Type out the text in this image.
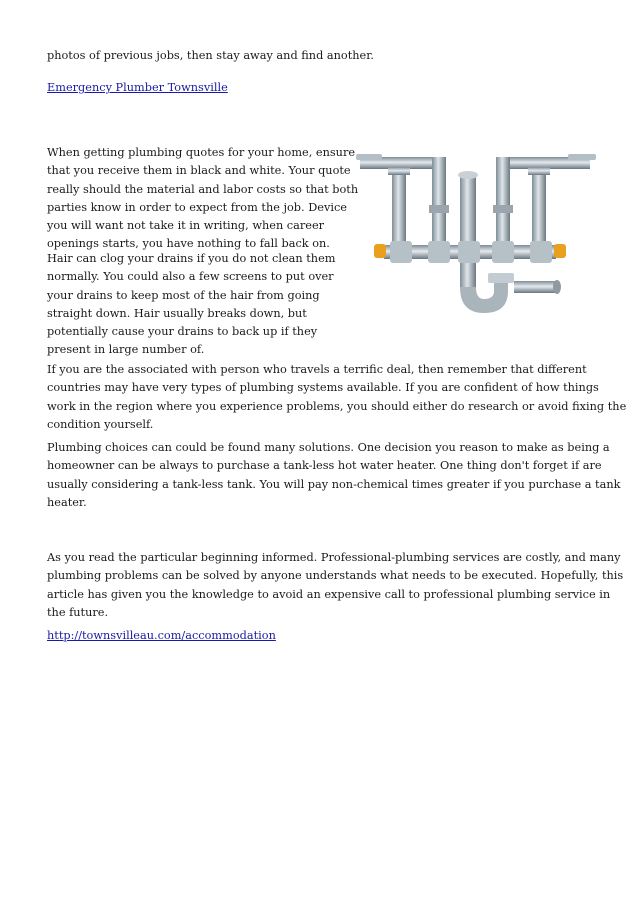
photos of previous jobs, then stay away and find another.

Emergency Plumber Townsville

When getting plumbing quotes for your home, ensure
that you receive them in black and white. Your quote
really should the material and labor costs so that both
parties know in order to expect from the job. Device
you will want not take it in writing, when career
openings starts, you have nothing to fall back on.

Hair can clog your drains if you do not clean them
normally. You could also a few screens to put over
your drains to keep most of the hair from going
straight down. Hair usually breaks down, but
potentially cause your drains to back up if they
present in large number of.

If you are the associated with person who travels a terrific deal, then remember that different
countries may have very types of plumbing systems available. If you are confident of how things
work in the region where you experience problems, you should either do research or avoid fixing the
condition yourself.

Plumbing choices can could be found many solutions. One decision you reason to make as being a
homeowner can be always to purchase a tank-less hot water heater. One thing don't forget if are
usually considering a tank-less tank. You will pay non-chemical times greater if you purchase a tank
heater.

As you read the particular beginning informed. Professional-plumbing services are costly, and many
plumbing problems can be solved by anyone understands what needs to be executed. Hopefully, this
article has given you the knowledge to avoid an expensive call to professional plumbing service in
the future.

http://townsvilleau.com/accommodation
